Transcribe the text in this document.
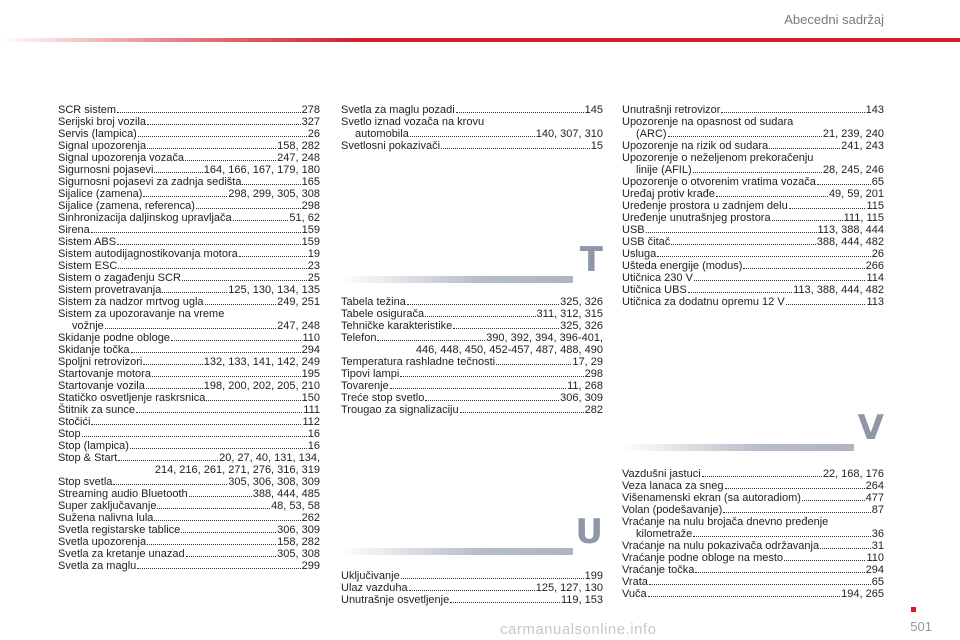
Abecedni sadržaj
SCR sistem	278
Serijski broj vozila	327
Servis (lampica)	26
Signal upozorenja	158, 282
Signal upozorenja vozača	247, 248
Sigurnosni pojasevi	164, 166, 167, 179, 180
Sigurnosni pojasevi za zadnja sedišta	165
Sijalice (zamena)	298, 299, 305, 308
Sijalice (zamena, referenca)	298
Sinhronizacija daljinskog upravljača	51, 62
Sirena	159
Sistem ABS	159
Sistem autodijagnostikovanja motora	19
Sistem ESC	23
Sistem o zagađenju SCR	25
Sistem provetravanja	125, 130, 134, 135
Sistem za nadzor mrtvog ugla	249, 251
Sistem za upozoravanje na vreme
vožnje	247, 248
Skidanje podne obloge	110
Skidanje točka	294
Spoljni retrovizori	132, 133, 141, 142, 249
Startovanje motora	195
Startovanje vozila	198, 200, 202, 205, 210
Statičko osvetljenje raskrsnica	150
Štitnik za sunce	111
Stočići	112
Stop	16
Stop (lampica)	16
Stop & Start	20, 27, 40, 131, 134,
214, 216, 261, 271, 276, 316, 319
Stop svetla	305, 306, 308, 309
Streaming audio Bluetooth	388, 444, 485
Super zaključavanje	48, 53, 58
Sužena nalivna lula	262
Svetla registarske tablice	306, 309
Svetla upozorenja	158, 282
Svetla za kretanje unazad	305, 308
Svetla za maglu	299
Svetla za maglu pozadi	145
Svetlo iznad vozača na krovu
automobila	140, 307, 310
Svetlosni pokazivači	15
T
Tabela težina	325, 326
Tabele osigurača	311, 312, 315
Tehničke karakteristike	325, 326
Telefon	390, 392, 394, 396-401,
446, 448, 450, 452-457, 487, 488, 490
Temperatura rashladne tečnosti	17, 29
Tipovi lampi	298
Tovarenje	11, 268
Treće stop svetlo	306, 309
Trougao za signalizaciju	282
U
Uključivanje	199
Ulaz vazduha	125, 127, 130
Unutrašnje osvetljenje	119, 153
Unutrašnji retrovizor	143
Upozorenje na opasnost od sudara
(ARC)	21, 239, 240
Upozorenje na rizik od sudara	241, 243
Upozorenje o neželjenom prekoračenju
linije (AFIL)	28, 245, 246
Upozorenje o otvorenim vratima vozača	65
Uređaj protiv krađe	49, 59, 201
Uređenje prostora u zadnjem delu	115
Uređenje unutrašnjeg prostora	111, 115
USB	113, 388, 444
USB čitač	388, 444, 482
Usluga	26
Ušteda energije (modus)	266
Utičnica 230 V	114
Utičnica UBS	113, 388, 444, 482
Utičnica za dodatnu opremu 12 V	113
V
Vazdušni jastuci	22, 168, 176
Veza lanaca za sneg	264
Višenamenski ekran (sa autoradiom)	477
Volan (podešavanje)	87
Vraćanje na nulu brojača dnevno pređenje
kilometraže	36
Vraćanje na nulu pokazivača održavanja	31
Vraćanje podne obloge na mesto	110
Vraćanje točka	294
Vrata	65
Vuča	194, 265
501
carmanualsonline.info
